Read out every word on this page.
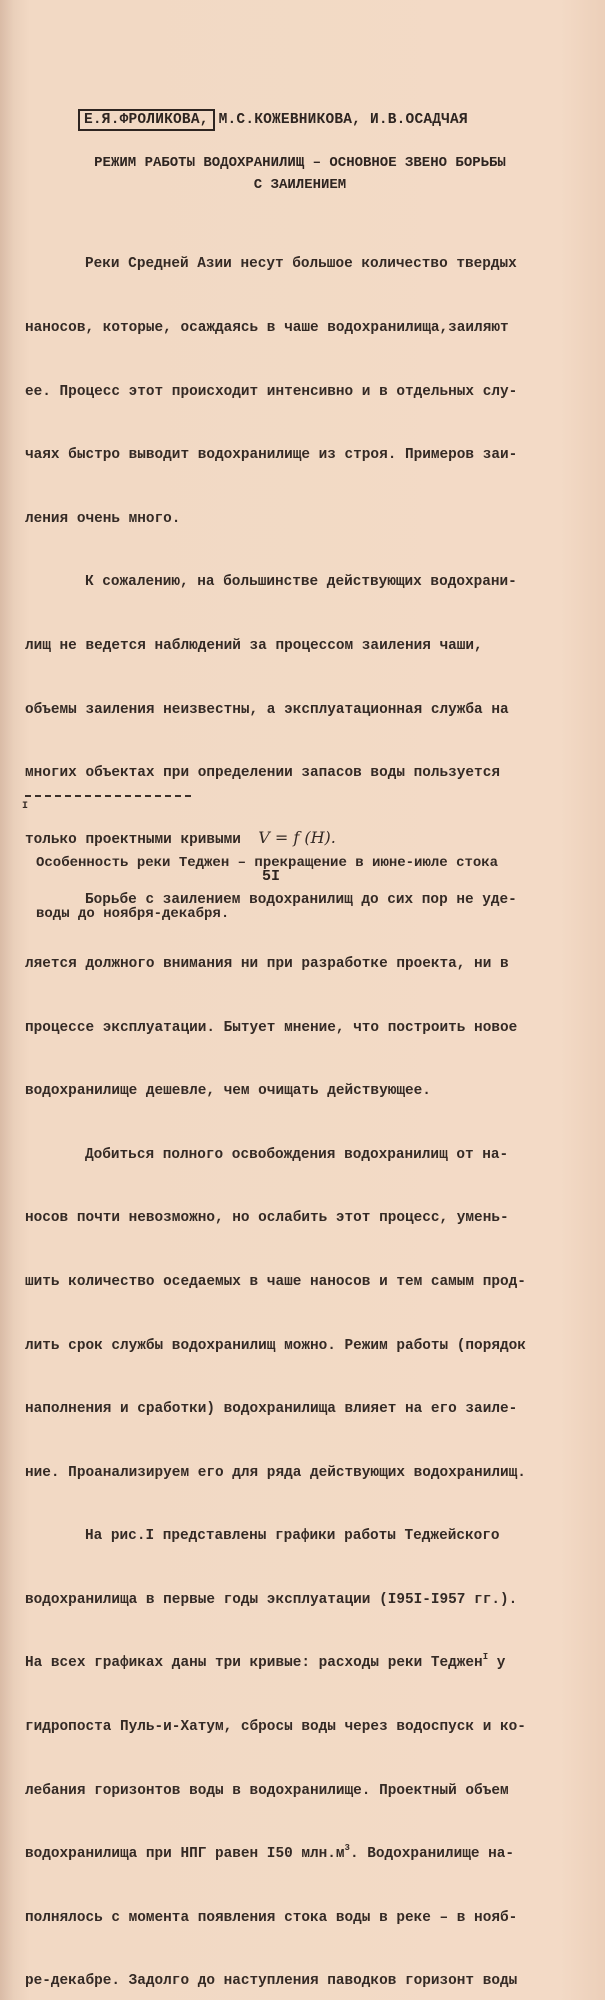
Е.Я.ФРОЛИКОВА, М.С.КОЖЕВНИКОВА, И.В.ОСАДЧАЯ
РЕЖИМ РАБОТЫ ВОДОХРАНИЛИЩ – ОСНОВНОЕ ЗВЕНО БОРЬБЫ
С ЗАИЛЕНИЕМ

Реки Средней Азии несут большое количество твердых

наносов, которые, осаждаясь в чаше водохранилища,заиляют

ее. Процесс этот происходит интенсивно и в отдельных слу-

чаях быстро выводит водохранилище из строя. Примеров заи-

ления очень много.

К сожалению, на большинстве действующих водохрани-

лищ не ведется наблюдений за процессом заиления чаши,

объемы заиления неизвестны, а эксплуатационная служба на

многих объектах при определении запасов воды пользуется

только проектными кривыми V = f (H).

Борьбе с заилением водохранилищ до сих пор не уде-

ляется должного внимания ни при разработке проекта, ни в

процессе эксплуатации. Бытует мнение, что построить новое

водохранилище дешевле, чем очищать действующее.

Добиться полного освобождения водохранилищ от на-

носов почти невозможно, но ослабить этот процесс, умень-

шить количество оседаемых в чаше наносов и тем самым прод-

лить срок службы водохранилищ можно. Режим работы (порядок

наполнения и сработки) водохранилища влияет на его заиле-

ние. Проанализируем его для ряда действующих водохранилищ.

На рис.I представлены графики работы Теджейского

водохранилища в первые годы эксплуатации (I95I-I957 гг.).

На всех графиках даны три кривые: расходы реки Теджен$^I$ у

гидропоста Пуль-и-Хатум, сбросы воды через водоспуск и ко-

лебания горизонтов воды в водохранилище. Проектный объем

водохранилища при НПГ равен I50 $млн.м^3$. Водохранилище на-

полнялось с момента появления стока воды в реке – в нояб-

ре-декабре. Задолго до наступления паводков горизонт воды

I

Особенность реки Теджен – прекращение в июне-июле стока

воды до ноября-декабря.

5I
